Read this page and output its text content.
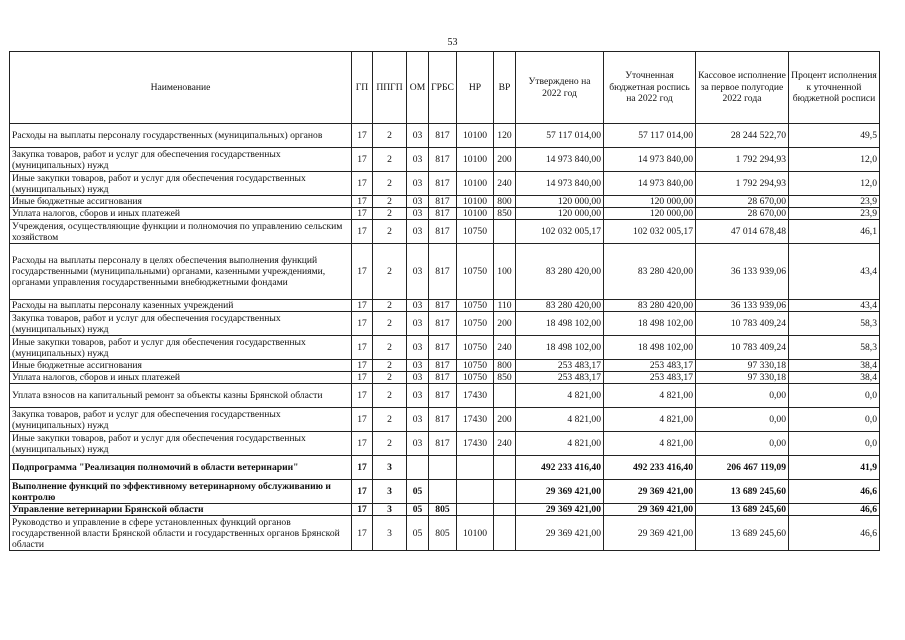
53
Наименование	ГП	ППГП	ОМ	ГРБС	НР	ВР	Утверждено на 2022 год	Уточненная бюджетная роспись на 2022 год	Кассовое исполнение за первое полугодие 2022 года	Процент исполнения к уточненной бюджетной росписи
Расходы на выплаты персоналу государственных (муниципальных) органов	17	2	03	817	10100	120	57 117 014,00	57 117 014,00	28 244 522,70	49,5
Закупка товаров, работ и услуг для обеспечения государственных (муниципальных) нужд	17	2	03	817	10100	200	14 973 840,00	14 973 840,00	1 792 294,93	12,0
Иные закупки товаров, работ и услуг для обеспечения государственных (муниципальных) нужд	17	2	03	817	10100	240	14 973 840,00	14 973 840,00	1 792 294,93	12,0
Иные бюджетные ассигнования	17	2	03	817	10100	800	120 000,00	120 000,00	28 670,00	23,9
Уплата налогов, сборов и иных платежей	17	2	03	817	10100	850	120 000,00	120 000,00	28 670,00	23,9
Учреждения, осуществляющие функции и полномочия по управлению сельским хозяйством	17	2	03	817	10750		102 032 005,17	102 032 005,17	47 014 678,48	46,1
Расходы на выплаты персоналу в целях обеспечения выполнения функций государственными (муниципальными) органами, казенными учреждениями, органами управления государственными внебюджетными фондами	17	2	03	817	10750	100	83 280 420,00	83 280 420,00	36 133 939,06	43,4
Расходы на выплаты персоналу казенных учреждений	17	2	03	817	10750	110	83 280 420,00	83 280 420,00	36 133 939,06	43,4
Закупка товаров, работ и услуг для обеспечения государственных (муниципальных) нужд	17	2	03	817	10750	200	18 498 102,00	18 498 102,00	10 783 409,24	58,3
Иные закупки товаров, работ и услуг для обеспечения государственных (муниципальных) нужд	17	2	03	817	10750	240	18 498 102,00	18 498 102,00	10 783 409,24	58,3
Иные бюджетные ассигнования	17	2	03	817	10750	800	253 483,17	253 483,17	97 330,18	38,4
Уплата налогов, сборов и иных платежей	17	2	03	817	10750	850	253 483,17	253 483,17	97 330,18	38,4
Уплата взносов на капитальный ремонт за объекты казны Брянской области	17	2	03	817	17430		4 821,00	4 821,00	0,00	0,0
Закупка товаров, работ и услуг для обеспечения государственных (муниципальных) нужд	17	2	03	817	17430	200	4 821,00	4 821,00	0,00	0,0
Иные закупки товаров, работ и услуг для обеспечения государственных (муниципальных) нужд	17	2	03	817	17430	240	4 821,00	4 821,00	0,00	0,0
Подпрограмма "Реализация полномочий в области ветеринарии"	17	3					492 233 416,40	492 233 416,40	206 467 119,09	41,9
Выполнение функций по эффективному ветеринарному обслуживанию и контролю	17	3	05				29 369 421,00	29 369 421,00	13 689 245,60	46,6
Управление ветеринарии Брянской области	17	3	05	805			29 369 421,00	29 369 421,00	13 689 245,60	46,6
Руководство и управление в сфере установленных функций органов государственной власти Брянской области и государственных органов Брянской области	17	3	05	805	10100		29 369 421,00	29 369 421,00	13 689 245,60	46,6
